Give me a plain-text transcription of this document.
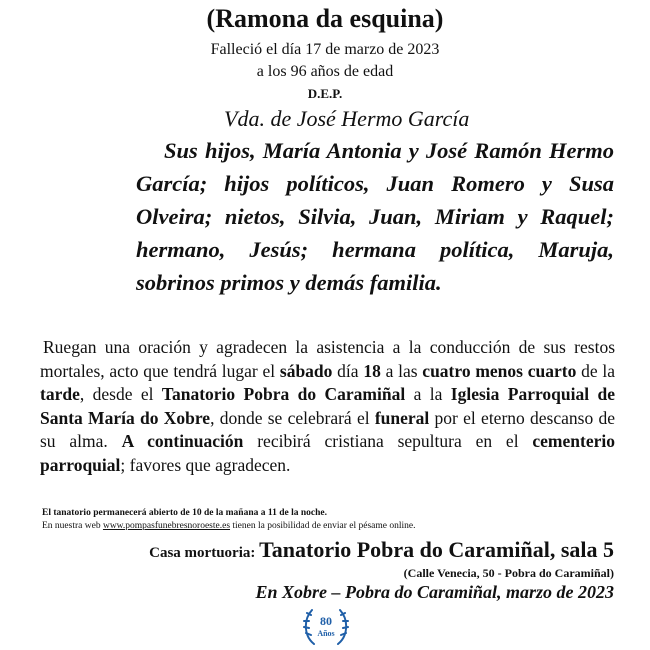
(Ramona da esquina)
Falleció el día 17 de marzo de 2023
a los 96 años de edad
D.E.P.
Vda. de José Hermo García
Sus hijos, María Antonia y José Ramón Hermo García; hijos políticos, Juan Romero y Susa Olveira; nietos, Silvia, Juan, Miriam y Raquel; hermano, Jesús; hermana política, Maruja, sobrinos primos y demás familia.
Ruegan una oración y agradecen la asistencia a la conducción de sus restos mortales, acto que tendrá lugar el sábado día 18 a las cuatro menos cuarto de la tarde, desde el Tanatorio Pobra do Caramiñal a la Iglesia Parroquial de Santa María do Xobre, donde se celebrará el funeral por el eterno descanso de su alma. A continuación recibirá cristiana sepultura en el cementerio parroquial; favores que agradecen.
El tanatorio permanecerá abierto de 10 de la mañana a 11 de la noche.
En nuestra web www.pompasfunebresnoroeste.es tienen la posibilidad de enviar el pésame online.
Casa mortuoria: Tanatorio Pobra do Caramiñal, sala 5
(Calle Venecia, 50 - Pobra do Caramiñal)
En Xobre – Pobra do Caramiñal, marzo de 2023
80
Años
